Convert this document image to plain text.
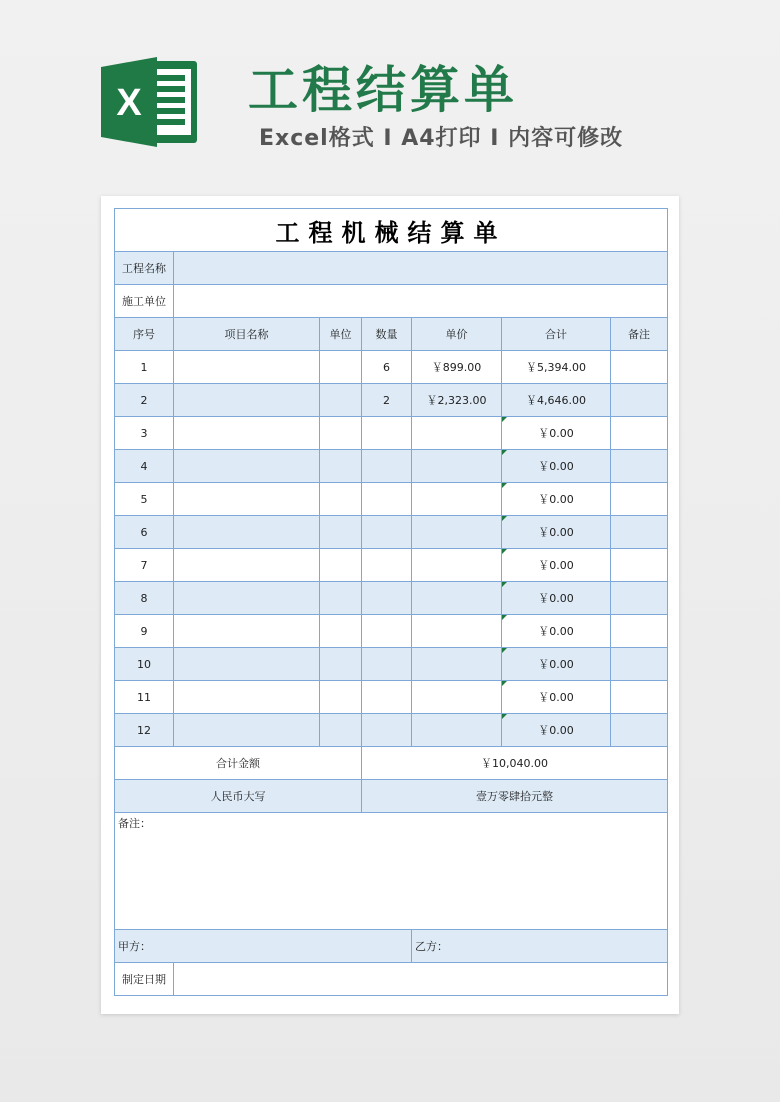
X 工程结算单
Excel格式 I A4打印 I 内容可修改
工程机械结算单						
工程名称						
施工单位						
序号	项目名称	单位	数量	单价	合计	备注
1			6	￥899.00	￥5,394.00	
2			2	￥2,323.00	￥4,646.00	
3					￥0.00	
4					￥0.00	
5					￥0.00	
6					￥0.00	
7					￥0.00	
8					￥0.00	
9					￥0.00	
10					￥0.00	
11					￥0.00	
12					￥0.00	
合计金额			￥10,040.00			
人民币大写			壹万零肆拾元整			
备注：						
甲方：				乙方：		
制定日期						
